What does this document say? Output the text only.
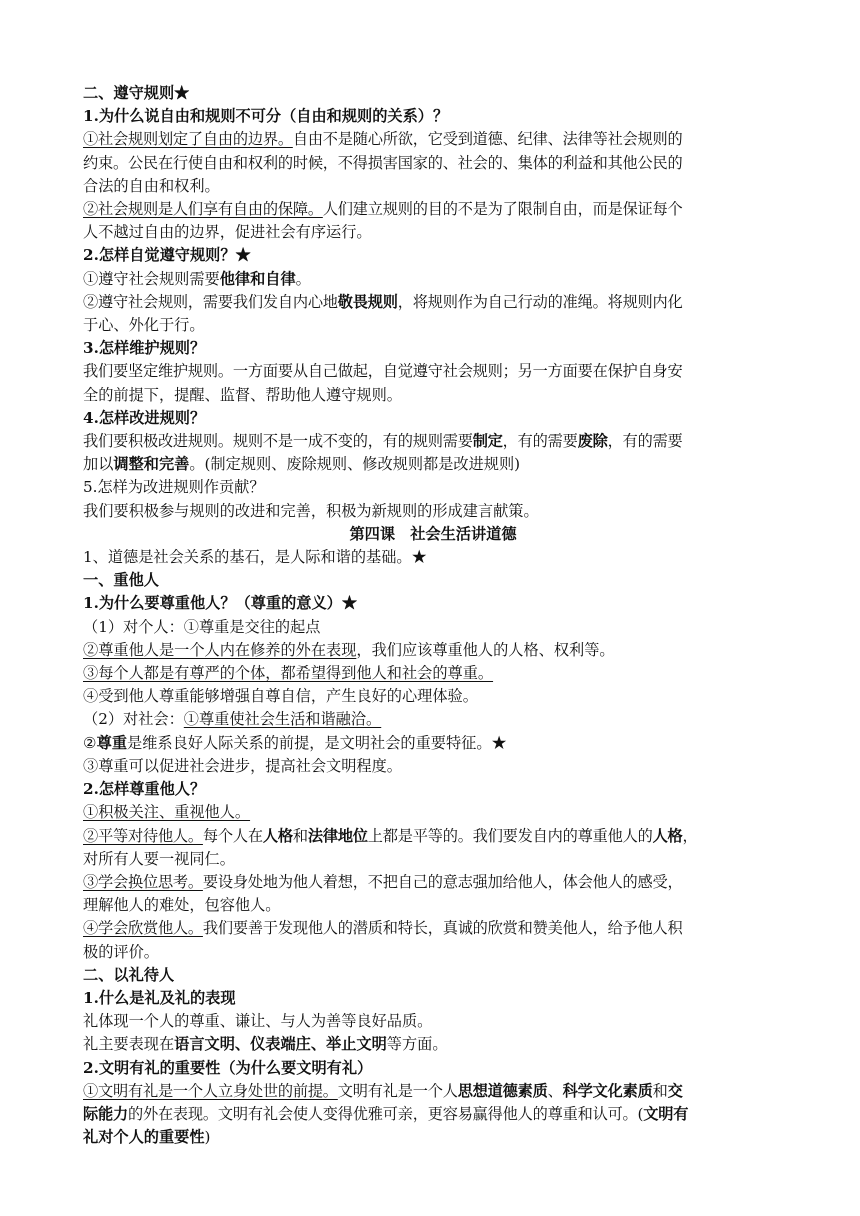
二、遵守规则★

1.为什么说自由和规则不可分（自由和规则的关系）？

①社会规则划定了自由的边界。自由不是随心所欲，它受到道德、纪律、法律等社会规则的

约束。公民在行使自由和权利的时候，不得损害国家的、社会的、集体的利益和其他公民的

合法的自由和权利。

②社会规则是人们享有自由的保障。人们建立规则的目的不是为了限制自由，而是保证每个

人不越过自由的边界，促进社会有序运行。

2.怎样自觉遵守规则？★

①遵守社会规则需要他律和自律。

②遵守社会规则，需要我们发自内心地敬畏规则，将规则作为自己行动的准绳。将规则内化

于心、外化于行。

3.怎样维护规则？

我们要坚定维护规则。一方面要从自己做起，自觉遵守社会规则；另一方面要在保护自身安

全的前提下，提醒、监督、帮助他人遵守规则。

4.怎样改进规则？

我们要积极改进规则。规则不是一成不变的，有的规则需要制定，有的需要废除，有的需要

加以调整和完善。(制定规则、废除规则、修改规则都是改进规则)

5.怎样为改进规则作贡献？

我们要积极参与规则的改进和完善，积极为新规则的形成建言献策。

第四课　社会生活讲道德

1、道德是社会关系的基石，是人际和谐的基础。★

一、重他人

1.为什么要尊重他人？（尊重的意义）★

（1）对个人：①尊重是交往的起点

②尊重他人是一个人内在修养的外在表现，我们应该尊重他人的人格、权利等。

③每个人都是有尊严的个体，都希望得到他人和社会的尊重。

④受到他人尊重能够增强自尊自信，产生良好的心理体验。

（2）对社会：①尊重使社会生活和谐融洽。

②尊重是维系良好人际关系的前提，是文明社会的重要特征。★

③尊重可以促进社会进步，提高社会文明程度。

2.怎样尊重他人？

①积极关注、重视他人。

②平等对待他人。每个人在人格和法律地位上都是平等的。我们要发自内的尊重他人的人格，

对所有人要一视同仁。

③学会换位思考。要设身处地为他人着想，不把自己的意志强加给他人，体会他人的感受，

理解他人的难处，包容他人。

④学会欣赏他人。我们要善于发现他人的潜质和特长，真诚的欣赏和赞美他人，给予他人积

极的评价。

二、以礼待人

1.什么是礼及礼的表现

礼体现一个人的尊重、谦让、与人为善等良好品质。

礼主要表现在语言文明、仪表端庄、举止文明等方面。

2.文明有礼的重要性（为什么要文明有礼）

①文明有礼是一个人立身处世的前提。文明有礼是一个人思想道德素质、科学文化素质和交

际能力的外在表现。文明有礼会使人变得优雅可亲，更容易赢得他人的尊重和认可。(文明有

礼对个人的重要性)
